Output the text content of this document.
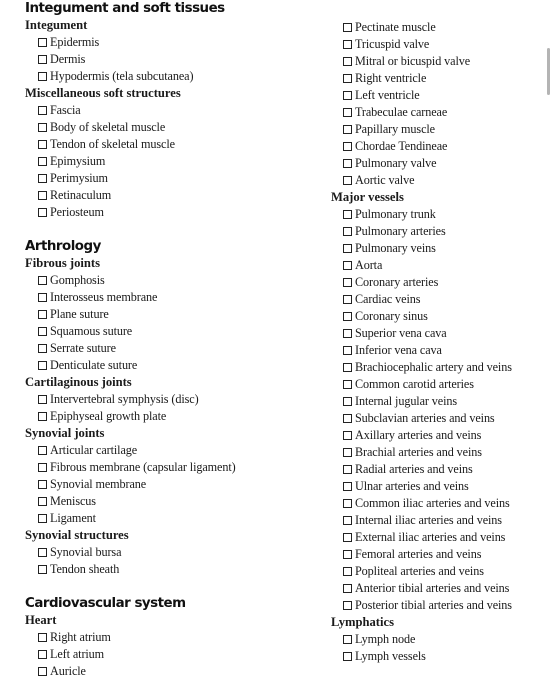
Integument and soft tissues
Integument
Epidermis
Dermis
Hypodermis (tela subcutanea)
Miscellaneous soft structures
Fascia
Body of skeletal muscle
Tendon of skeletal muscle
Epimysium
Perimysium
Retinaculum
Periosteum
Arthrology
Fibrous joints
Gomphosis
Interosseus membrane
Plane suture
Squamous suture
Serrate suture
Denticulate suture
Cartilaginous joints
Intervertebral symphysis (disc)
Epiphyseal growth plate
Synovial joints
Articular cartilage
Fibrous membrane (capsular ligament)
Synovial membrane
Meniscus
Ligament
Synovial structures
Synovial bursa
Tendon sheath
Cardiovascular system
Heart
Right atrium
Left atrium
Auricle
Pectinate muscle
Tricuspid valve
Mitral or bicuspid valve
Right ventricle
Left ventricle
Trabeculae carneae
Papillary muscle
Chordae Tendineae
Pulmonary valve
Aortic valve
Major vessels
Pulmonary trunk
Pulmonary arteries
Pulmonary veins
Aorta
Coronary arteries
Cardiac veins
Coronary sinus
Superior vena cava
Inferior vena cava
Brachiocephalic artery and veins
Common carotid arteries
Internal jugular veins
Subclavian arteries and veins
Axillary arteries and veins
Brachial arteries and veins
Radial arteries and veins
Ulnar arteries and veins
Common iliac arteries and veins
Internal iliac arteries and veins
External iliac arteries and veins
Femoral arteries and veins
Popliteal arteries and veins
Anterior tibial arteries and veins
Posterior tibial arteries and veins
Lymphatics
Lymph node
Lymph vessels
